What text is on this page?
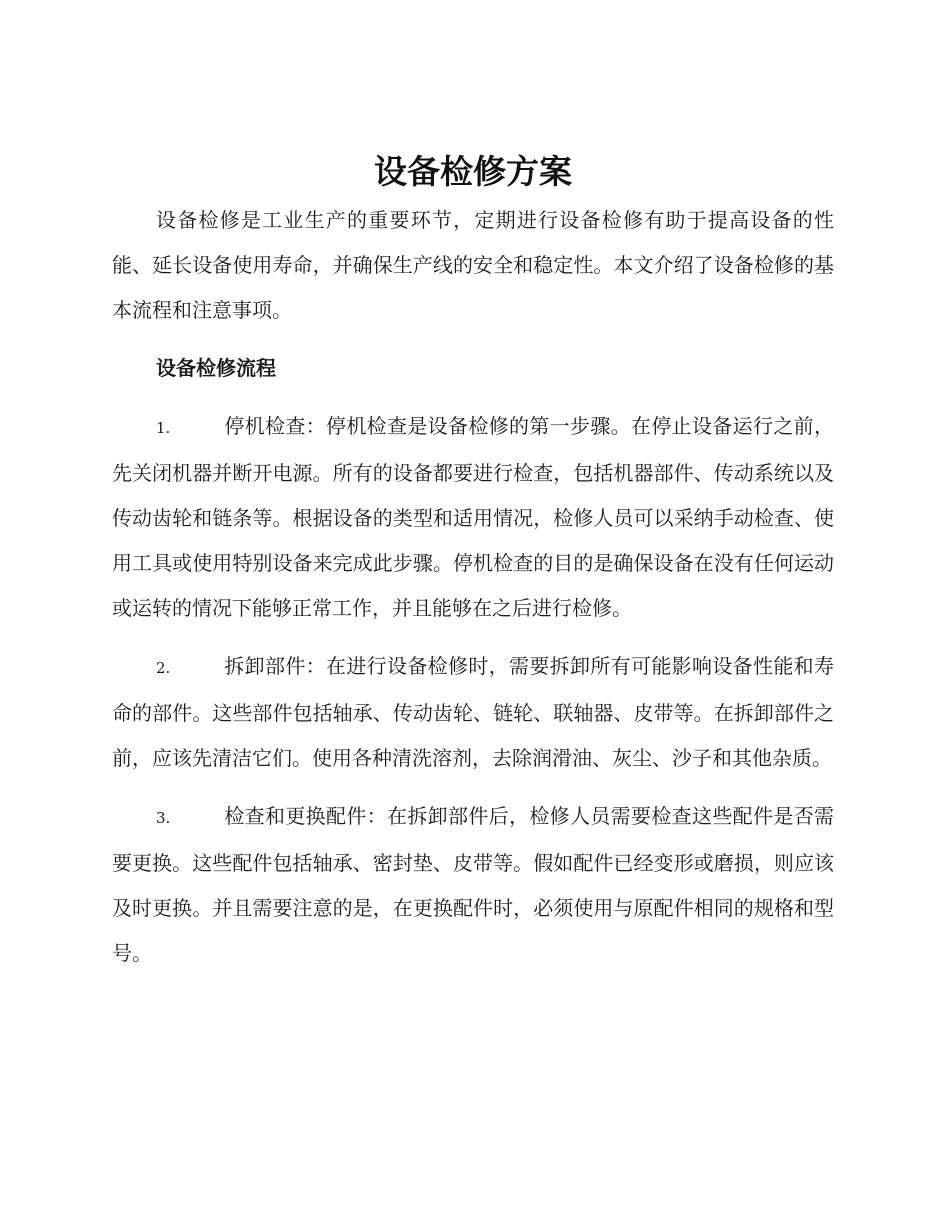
设备检修方案

设备检修是工业生产的重要环节，定期进行设备检修有助于提高设备的性能、延长设备使用寿命，并确保生产线的安全和稳定性。本文介绍了设备检修的基本流程和注意事项。

设备检修流程

1.	停机检查：停机检查是设备检修的第一步骤。在停止设备运行之前，先关闭机器并断开电源。所有的设备都要进行检查，包括机器部件、传动系统以及传动齿轮和链条等。根据设备的类型和适用情况，检修人员可以采纳手动检查、使用工具或使用特别设备来完成此步骤。停机检查的目的是确保设备在没有任何运动或运转的情况下能够正常工作，并且能够在之后进行检修。

2.	拆卸部件：在进行设备检修时，需要拆卸所有可能影响设备性能和寿命的部件。这些部件包括轴承、传动齿轮、链轮、联轴器、皮带等。在拆卸部件之前，应该先清洁它们。使用各种清洗溶剂，去除润滑油、灰尘、沙子和其他杂质。

3.	检查和更换配件：在拆卸部件后，检修人员需要检查这些配件是否需要更换。这些配件包括轴承、密封垫、皮带等。假如配件已经变形或磨损，则应该及时更换。并且需要注意的是，在更换配件时，必须使用与原配件相同的规格和型号。
